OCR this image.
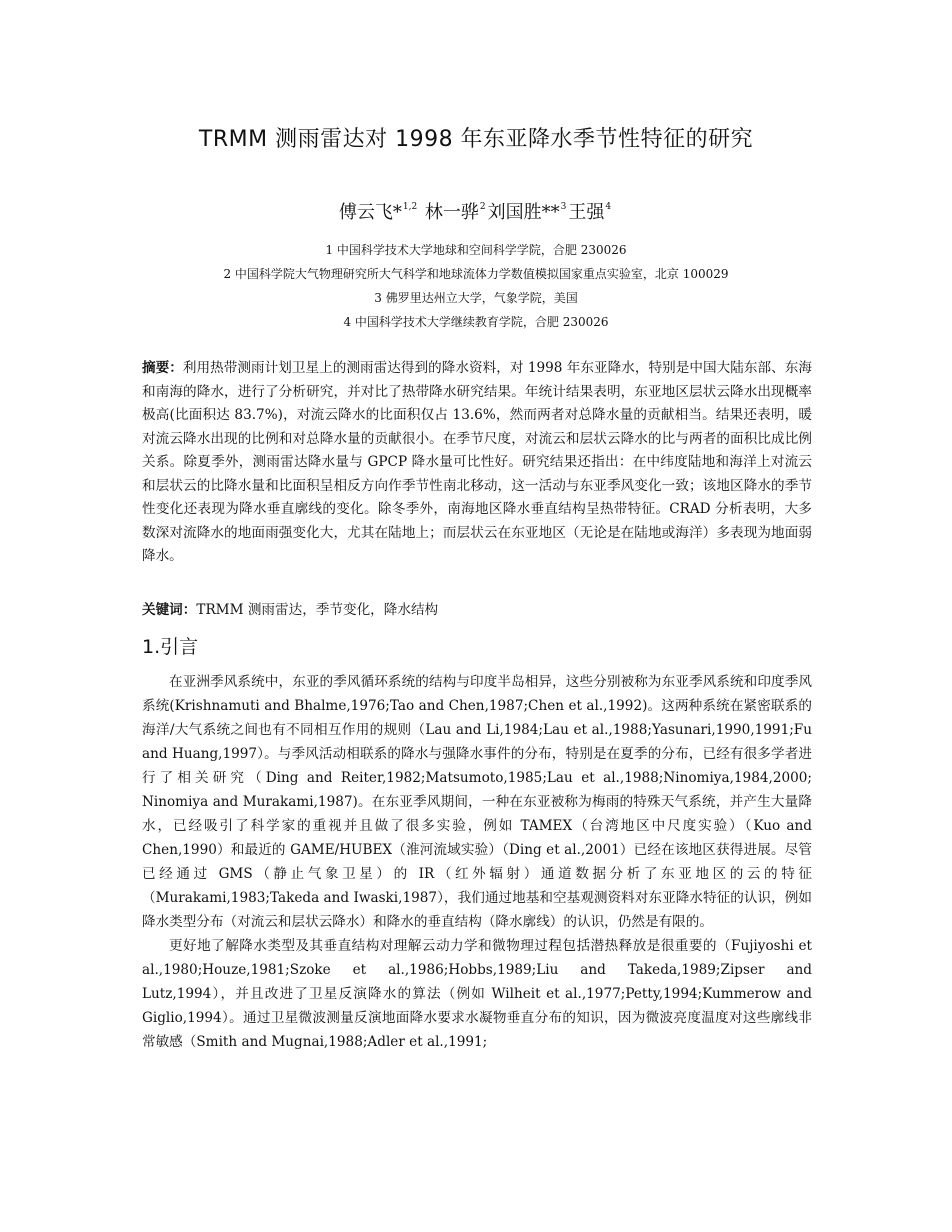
TRMM 测雨雷达对 1998 年东亚降水季节性特征的研究
傅云飞*$^{1,2}$ 林一骅$^2$ 刘国胜**$^3$ 王强$^4$
1 中国科学技术大学地球和空间科学学院，合肥 230026
2 中国科学院大气物理研究所大气科学和地球流体力学数值模拟国家重点实验室，北京 100029
3 佛罗里达州立大学，气象学院，美国
4 中国科学技术大学继续教育学院，合肥 230026
摘要：利用热带测雨计划卫星上的测雨雷达得到的降水资料，对 1998 年东亚降水，特别是中国大陆东部、东海和南海的降水，进行了分析研究，并对比了热带降水研究结果。年统计结果表明，东亚地区层状云降水出现概率极高(比面积达 83.7%)，对流云降水的比面积仅占 13.6%，然而两者对总降水量的贡献相当。结果还表明，暖对流云降水出现的比例和对总降水量的贡献很小。在季节尺度，对流云和层状云降水的比与两者的面积比成比例关系。除夏季外，测雨雷达降水量与 GPCP 降水量可比性好。研究结果还指出：在中纬度陆地和海洋上对流云和层状云的比降水量和比面积呈相反方向作季节性南北移动，这一活动与东亚季风变化一致；该地区降水的季节性变化还表现为降水垂直廓线的变化。除冬季外，南海地区降水垂直结构呈热带特征。CRAD 分析表明，大多数深对流降水的地面雨强变化大，尤其在陆地上；而层状云在东亚地区（无论是在陆地或海洋）多表现为地面弱降水。
关键词：TRMM 测雨雷达，季节变化，降水结构
1.引言

在亚洲季风系统中，东亚的季风循环系统的结构与印度半岛相异，这些分别被称为东亚季风系统和印度季风系统(Krishnamuti and Bhalme,1976;Tao and Chen,1987;Chen et al.,1992)。这两种系统在紧密联系的海洋/大气系统之间也有不同相互作用的规则（Lau and Li,1984;Lau et al.,1988;Yasunari,1990,1991;Fu and Huang,1997）。与季风活动相联系的降水与强降水事件的分布，特别是在夏季的分布，已经有很多学者进行了相关研究（Ding and Reiter,1982;Matsumoto,1985;Lau et al.,1988;Ninomiya,1984,2000; Ninomiya and Murakami,1987)。在东亚季风期间，一种在东亚被称为梅雨的特殊天气系统，并产生大量降水，已经吸引了科学家的重视并且做了很多实验，例如 TAMEX（台湾地区中尺度实验）（Kuo and Chen,1990）和最近的 GAME/HUBEX（淮河流域实验）（Ding et al.,2001）已经在该地区获得进展。尽管已经通过 GMS（静止气象卫星）的 IR（红外辐射）通道数据分析了东亚地区的云的特征（Murakami,1983;Takeda and Iwaski,1987），我们通过地基和空基观测资料对东亚降水特征的认识，例如降水类型分布（对流云和层状云降水）和降水的垂直结构（降水廓线）的认识，仍然是有限的。

更好地了解降水类型及其垂直结构对理解云动力学和微物理过程包括潜热释放是很重要的（Fujiyoshi et al.,1980;Houze,1981;Szoke et al.,1986;Hobbs,1989;Liu and Takeda,1989;Zipser and Lutz,1994），并且改进了卫星反演降水的算法（例如 Wilheit et al.,1977;Petty,1994;Kummerow and Giglio,1994）。通过卫星微波测量反演地面降水要求水凝物垂直分布的知识，因为微波亮度温度对这些廓线非常敏感（Smith and Mugnai,1988;Adler et al.,1991;
